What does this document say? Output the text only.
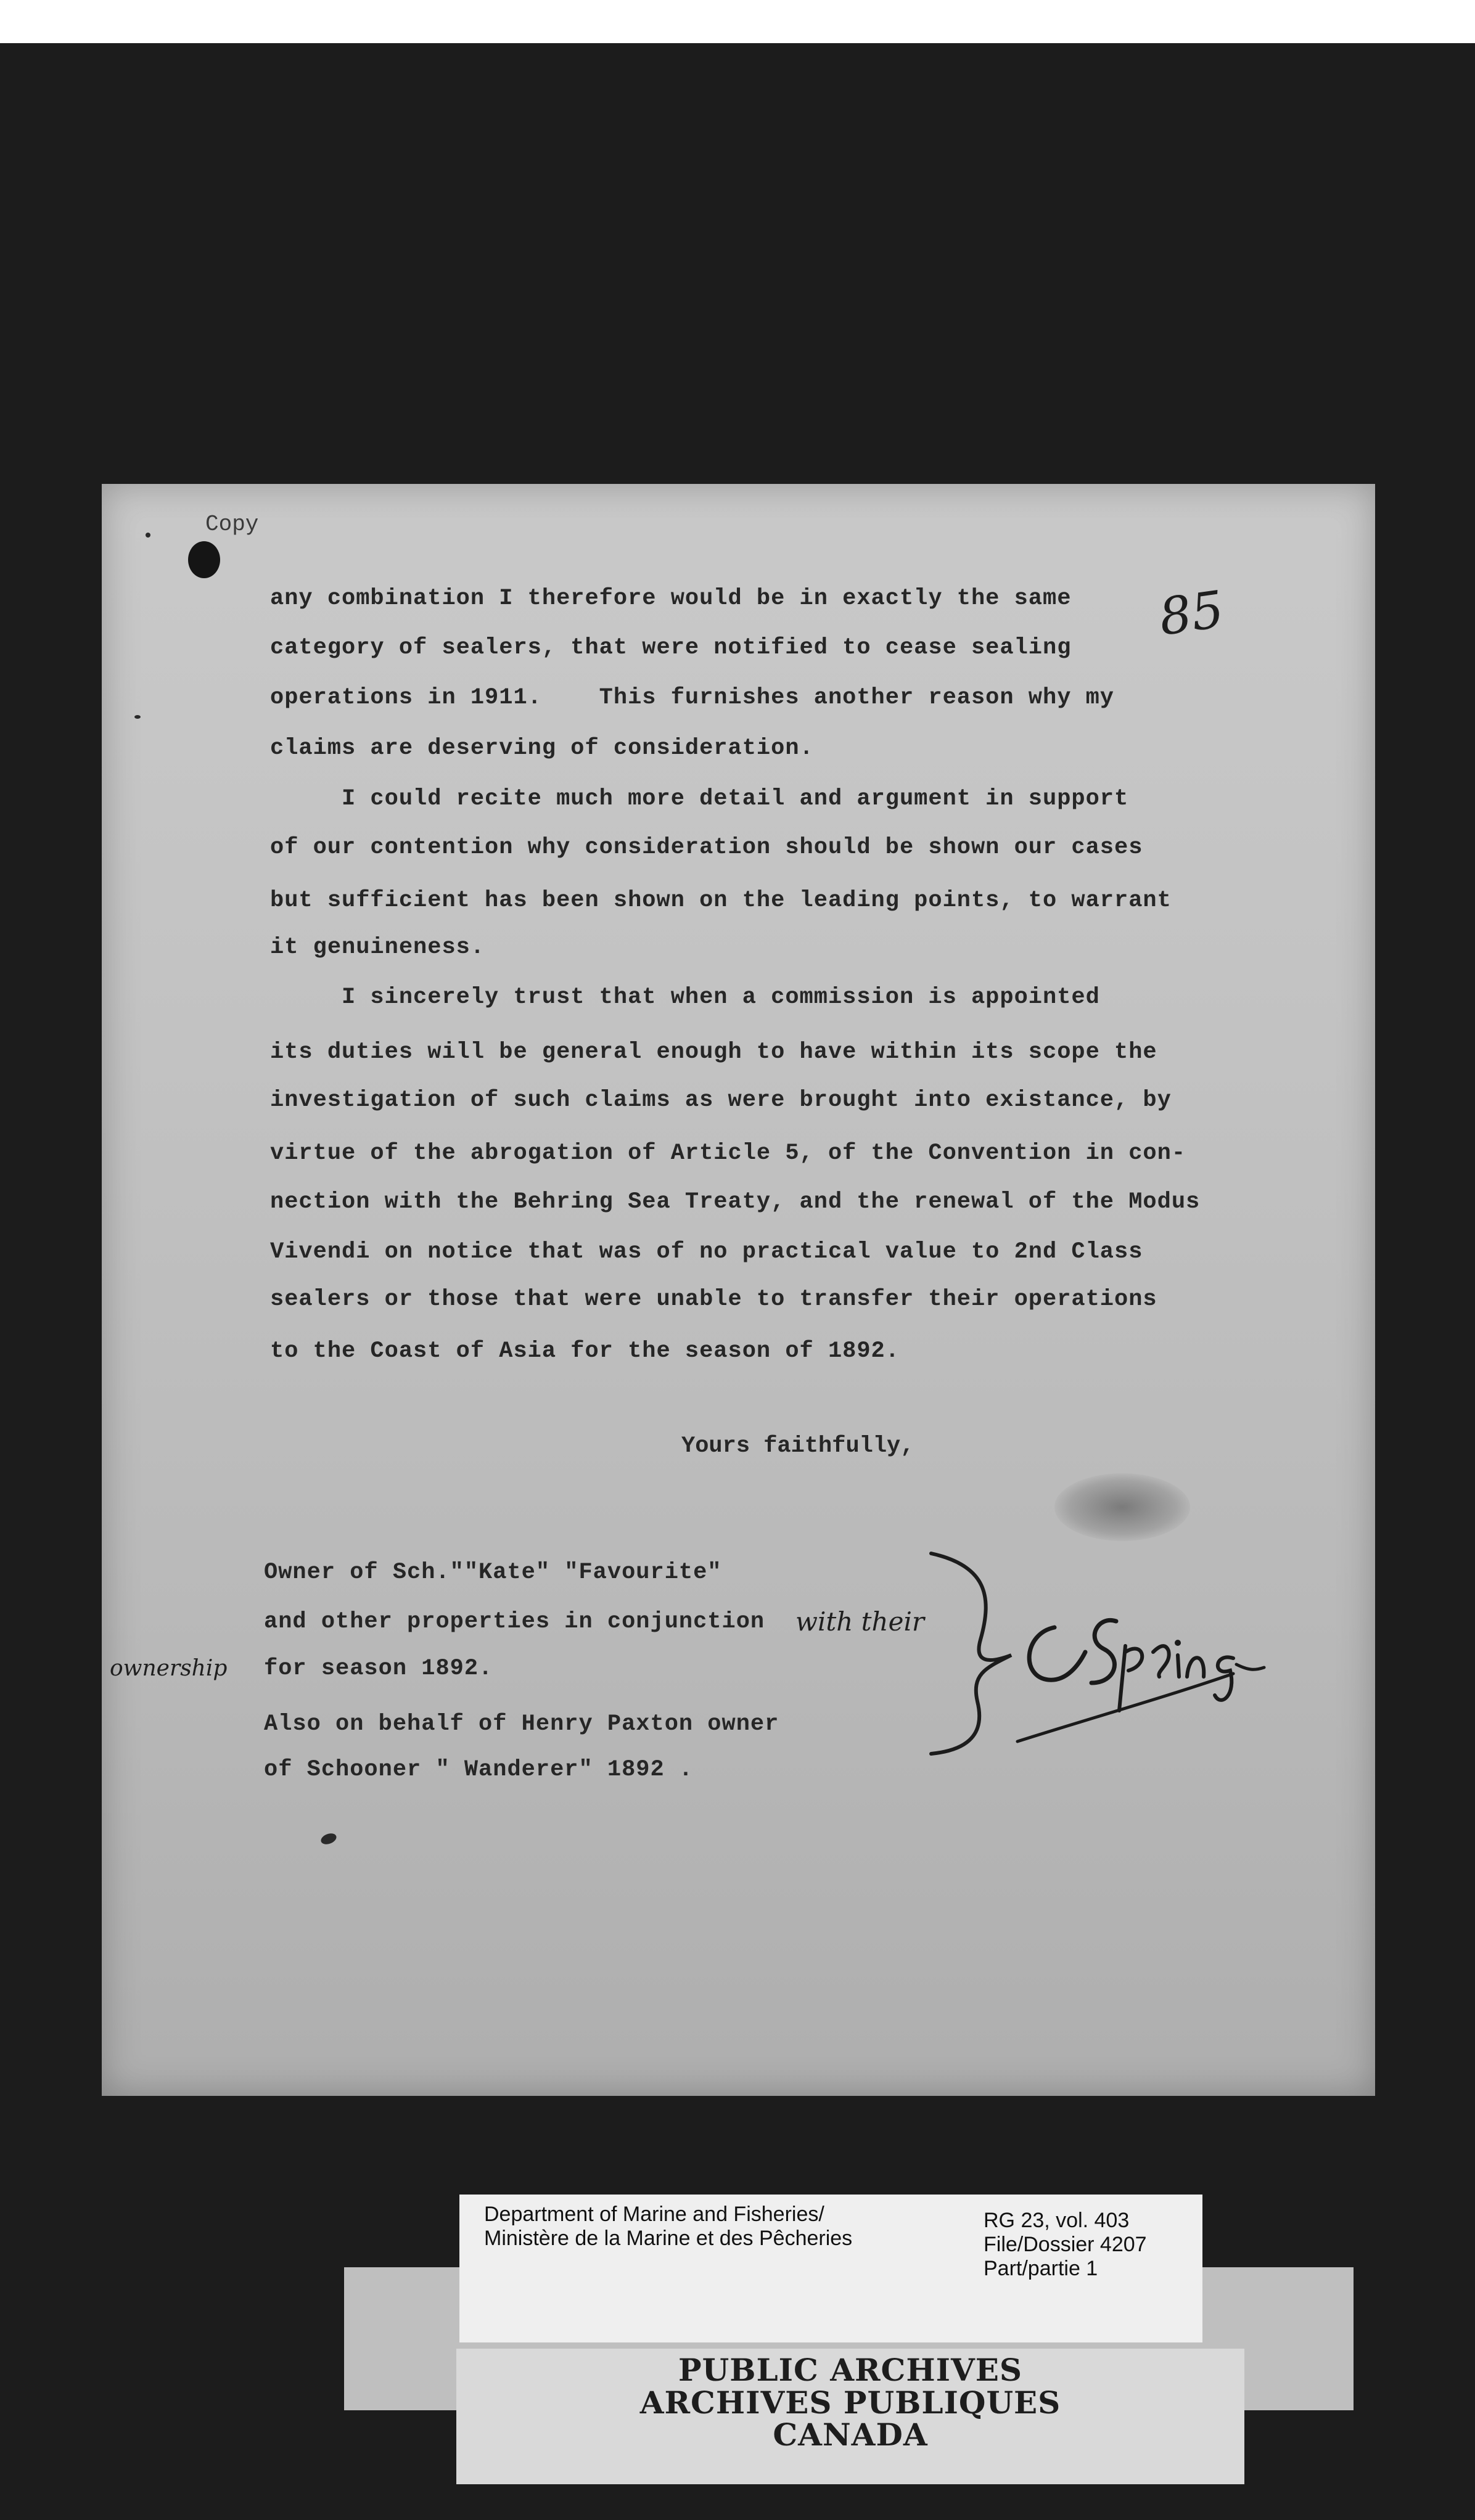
Copy
85
any combination I therefore would be in exactly the same
category of sealers, that were notified to cease sealing
operations in 1911.    This furnishes another reason why my
claims are deserving of consideration.
I could recite much more detail and argument in support
of our contention why consideration should be shown our cases
but sufficient has been shown on the leading points, to warrant
it genuineness.
I sincerely trust that when a commission is appointed
its duties will be general enough to have within its scope the
investigation of such claims as were brought into existance, by
virtue of the abrogation of Article 5, of the Convention in con-
nection with the Behring Sea Treaty, and the renewal of the Modus
Vivendi on notice that was of no practical value to 2nd Class
sealers or those that were unable to transfer their operations
to the Coast of Asia for the season of 1892.
Yours faithfully,
Owner of Sch.""Kate" "Favourite"
and other properties in conjunction
for season 1892.
Also on behalf of Henry Paxton owner
of Schooner " Wanderer" 1892 .
with their
ownership
Department of Marine and Fisheries/
Ministère de la Marine et des Pêcheries
RG 23, vol. 403
File/Dossier 4207
Part/partie 1
PUBLIC ARCHIVES
ARCHIVES PUBLIQUES
CANADA
